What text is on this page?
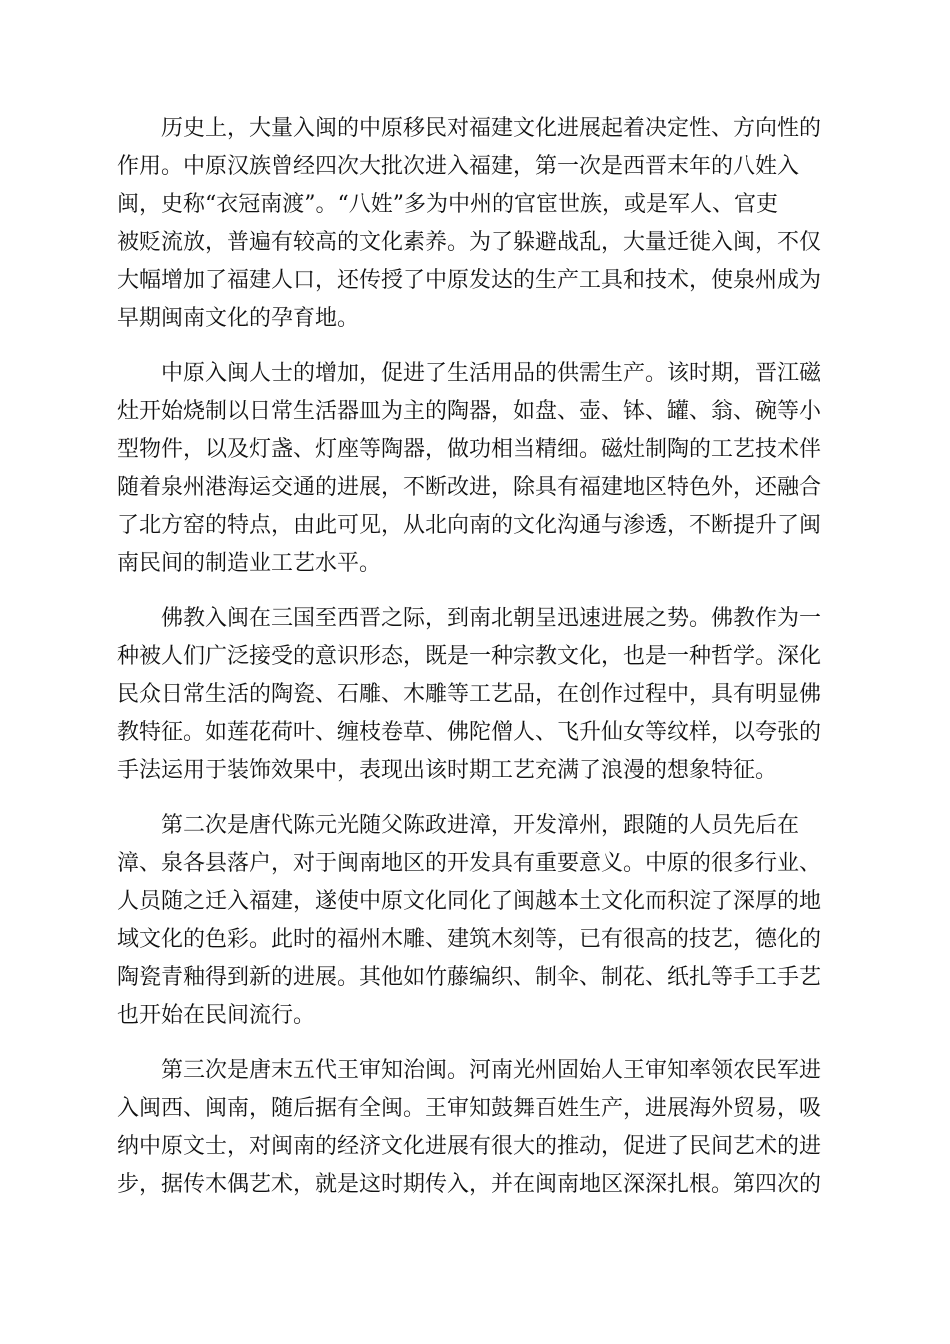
　　历史上，大量入闽的中原移民对福建文化进展起着决定性、方向性的
作用。中原汉族曾经四次大批次进入福建，第一次是西晋末年的八姓入
闽，史称“衣冠南渡”。“八姓”多为中州的官宦世族，或是军人、官吏
被贬流放，普遍有较高的文化素养。为了躲避战乱，大量迁徙入闽，不仅
大幅增加了福建人口，还传授了中原发达的生产工具和技术，使泉州成为
早期闽南文化的孕育地。

　　中原入闽人士的增加，促进了生活用品的供需生产。该时期，晋江磁
灶开始烧制以日常生活器皿为主的陶器，如盘、壶、钵、罐、翁、碗等小
型物件，以及灯盏、灯座等陶器，做功相当精细。磁灶制陶的工艺技术伴
随着泉州港海运交通的进展，不断改进，除具有福建地区特色外，还融合
了北方窑的特点，由此可见，从北向南的文化沟通与渗透，不断提升了闽
南民间的制造业工艺水平。

　　佛教入闽在三国至西晋之际，到南北朝呈迅速进展之势。佛教作为一
种被人们广泛接受的意识形态，既是一种宗教文化，也是一种哲学。深化
民众日常生活的陶瓷、石雕、木雕等工艺品，在创作过程中，具有明显佛
教特征。如莲花荷叶、缠枝卷草、佛陀僧人、飞升仙女等纹样，以夸张的
手法运用于装饰效果中，表现出该时期工艺充满了浪漫的想象特征。

　　第二次是唐代陈元光随父陈政进漳，开发漳州，跟随的人员先后在
漳、泉各县落户，对于闽南地区的开发具有重要意义。中原的很多行业、
人员随之迁入福建，遂使中原文化同化了闽越本土文化而积淀了深厚的地
域文化的色彩。此时的福州木雕、建筑木刻等，已有很高的技艺，德化的
陶瓷青釉得到新的进展。其他如竹藤编织、制伞、制花、纸扎等手工手艺
也开始在民间流行。

　　第三次是唐末五代王审知治闽。河南光州固始人王审知率领农民军进
入闽西、闽南，随后据有全闽。王审知鼓舞百姓生产，进展海外贸易，吸
纳中原文士，对闽南的经济文化进展有很大的推动，促进了民间艺术的进
步，据传木偶艺术，就是这时期传入，并在闽南地区深深扎根。第四次的
